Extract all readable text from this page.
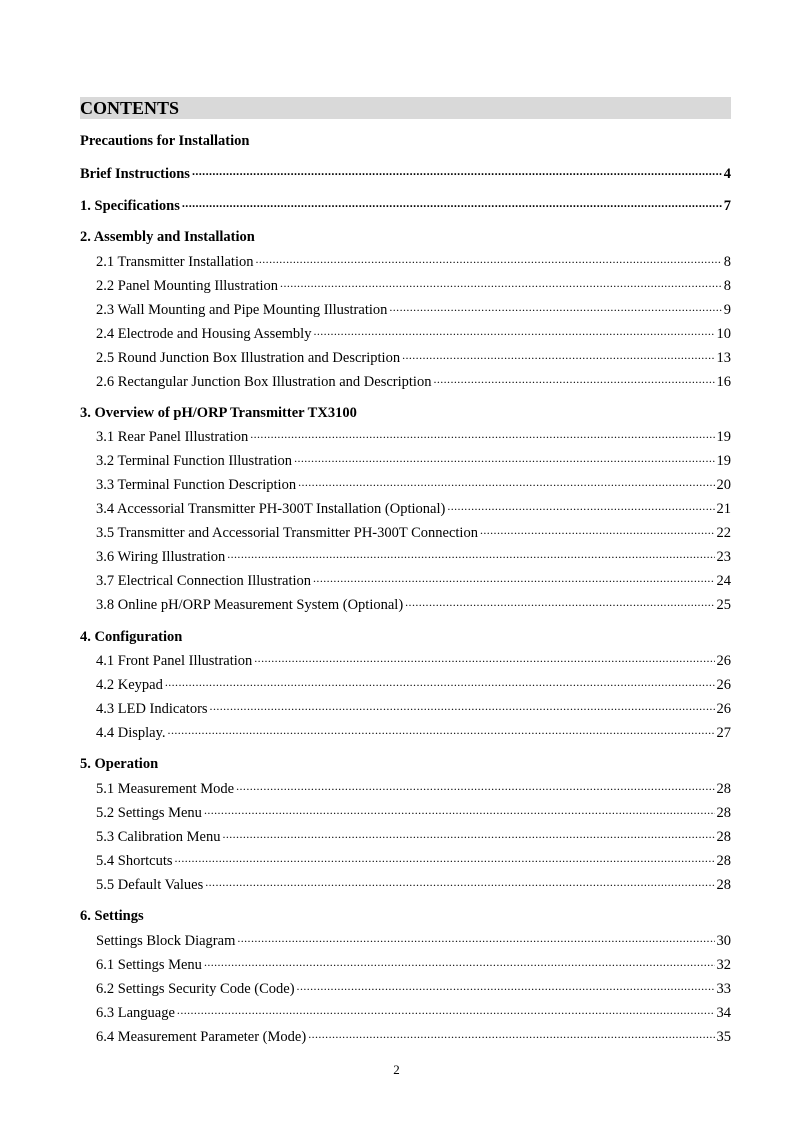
CONTENTS
Precautions for Installation
Brief Instructions .....	4
1. Specifications .....	7
2. Assembly and Installation
2.1 Transmitter Installation .....	8
2.2 Panel Mounting Illustration .....	8
2.3 Wall Mounting and Pipe Mounting Illustration .....	9
2.4 Electrode and Housing Assembly .....	10
2.5 Round Junction Box Illustration and Description .....	13
2.6 Rectangular Junction Box Illustration and Description .....	16
3. Overview of pH/ORP Transmitter TX3100
3.1 Rear Panel Illustration .....	19
3.2 Terminal Function Illustration .....	19
3.3 Terminal Function Description .....	20
3.4 Accessorial Transmitter PH-300T Installation (Optional) .....	21
3.5 Transmitter and Accessorial Transmitter PH-300T Connection .....	22
3.6 Wiring Illustration .....	23
3.7 Electrical Connection Illustration .....	24
3.8 Online pH/ORP Measurement System (Optional) .....	25
4. Configuration
4.1 Front Panel Illustration .....	26
4.2 Keypad .....	26
4.3 LED Indicators .....	26
4.4 Display. .....	27
5. Operation
5.1 Measurement Mode .....	28
5.2 Settings Menu .....	28
5.3 Calibration Menu .....	28
5.4 Shortcuts .....	28
5.5 Default Values .....	28
6. Settings
Settings Block Diagram .....	30
6.1 Settings Menu .....	32
6.2 Settings Security Code (Code) .....	33
6.3 Language .....	34
6.4 Measurement Parameter (Mode) .....	35
2
